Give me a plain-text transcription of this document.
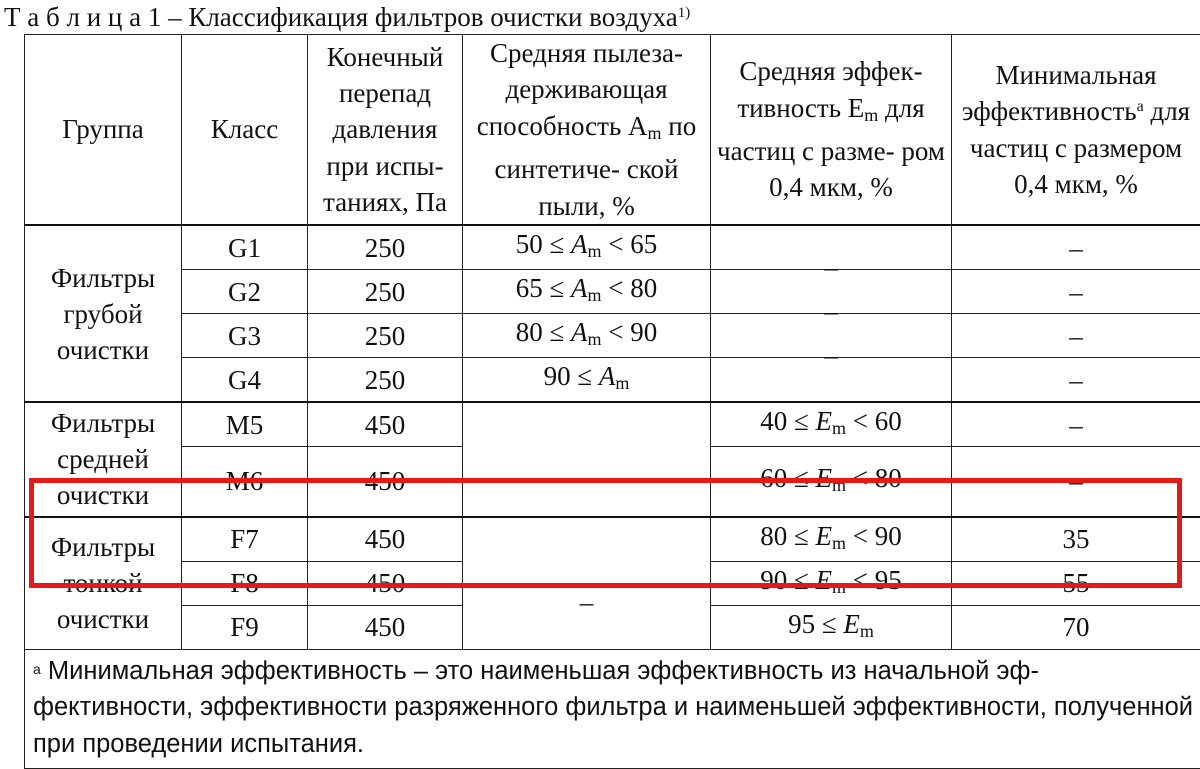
Т а б л и ц а 1 – Классификация фильтров очистки воздуха$^{1)}$
Группа	Класс	Конечный перепад давления при испы- таниях, Па	Средняя пылеза- держивающая способность $A_m$ по синтетиче- ской пыли, %	Средняя эффек- тивность $E_m$ для частиц с разме- ром 0,4 мкм, %	Минимальная эффективность$^a$ для частиц с размером 0,4 мкм, %
Фильтры грубой очистки	G1	250	$50 \le A_m < 65$	_	–
	G2	250	$65 \le A_m < 80$	_	–
	G3	250	$80 \le A_m < 90$	_	–
	G4	250	$90 \le A_m$	_	–
Фильтры средней очистки	M5	450	_	$40 \le E_m < 60$	–
	M6	450		$60 \le E_m < 80$	–
Фильтры тонкой очистки	F7	450	_	$80 \le E_m < 90$	35
	F8	450		$90 \le E_m < 95$	55
	F9	450		$95 \le E_m$	70
$^a$ Минимальная эффективность – это наименьшая эффективность из начальной эф- фективности, эффективности разряженного фильтра и наименьшей эффективности, полученной при проведении испытания.					
